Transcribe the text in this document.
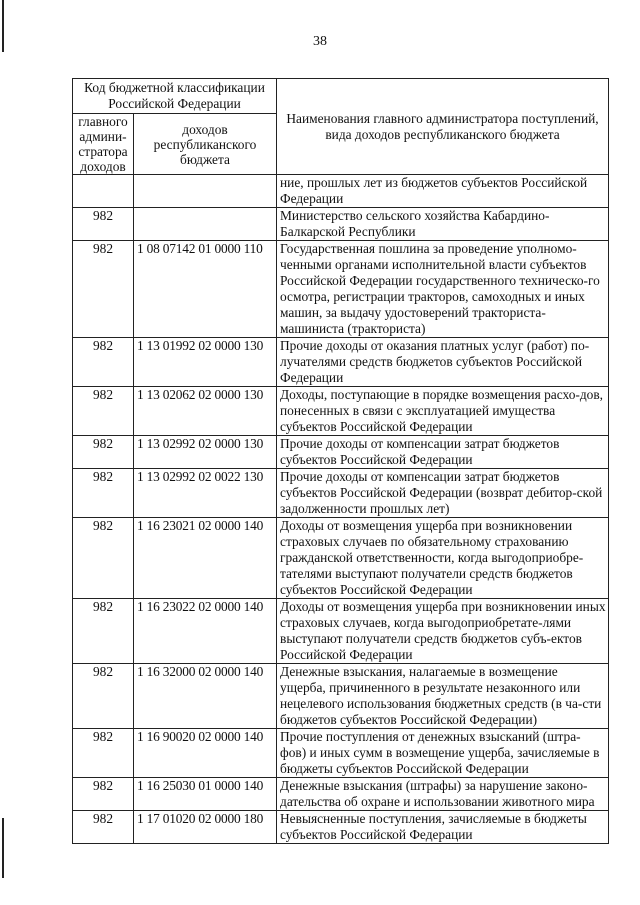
38
Код бюджетной классификации Российской Федерации		Наименования главного администратора поступлений, вида доходов республиканского бюджета
главного админи-стратора доходов	доходов республиканского бюджета	
		ние, прошлых лет из бюджетов субъектов Российской Федерации
982		Министерство сельского хозяйства Кабардино-Балкарской Республики
982	1 08 07142 01 0000 110	Государственная пошлина за проведение уполномо-ченными органами исполнительной власти субъектов Российской Федерации государственного техническо-го осмотра, регистрации тракторов, самоходных и иных машин, за выдачу удостоверений тракториста-машиниста (тракториста)
982	1 13 01992 02 0000 130	Прочие доходы от оказания платных услуг (работ) по-лучателями средств бюджетов субъектов Российской Федерации
982	1 13 02062 02 0000 130	Доходы, поступающие в порядке возмещения расхо-дов, понесенных в связи с эксплуатацией имущества субъектов Российской Федерации
982	1 13 02992 02 0000 130	Прочие доходы от компенсации затрат бюджетов субъектов Российской Федерации
982	1 13 02992 02 0022 130	Прочие доходы от компенсации затрат бюджетов субъектов Российской Федерации (возврат дебитор-ской задолженности прошлых лет)
982	1 16 23021 02 0000 140	Доходы от возмещения ущерба при возникновении страховых случаев по обязательному страхованию гражданской ответственности, когда выгодоприобре-тателями выступают получатели средств бюджетов субъектов Российской Федерации
982	1 16 23022 02 0000 140	Доходы от возмещения ущерба при возникновении иных страховых случаев, когда выгодоприобретате-лями выступают получатели средств бюджетов субъ-ектов Российской Федерации
982	1 16 32000 02 0000 140	Денежные взыскания, налагаемые в возмещение ущерба, причиненного в результате незаконного или нецелевого использования бюджетных средств (в ча-сти бюджетов субъектов Российской Федерации)
982	1 16 90020 02 0000 140	Прочие поступления от денежных взысканий (штра-фов) и иных сумм в возмещение ущерба, зачисляемые в бюджеты субъектов Российской Федерации
982	1 16 25030 01 0000 140	Денежные взыскания (штрафы) за нарушение законо-дательства об охране и использовании животного мира
982	1 17 01020 02 0000 180	Невыясненные поступления, зачисляемые в бюджеты субъектов Российской Федерации
